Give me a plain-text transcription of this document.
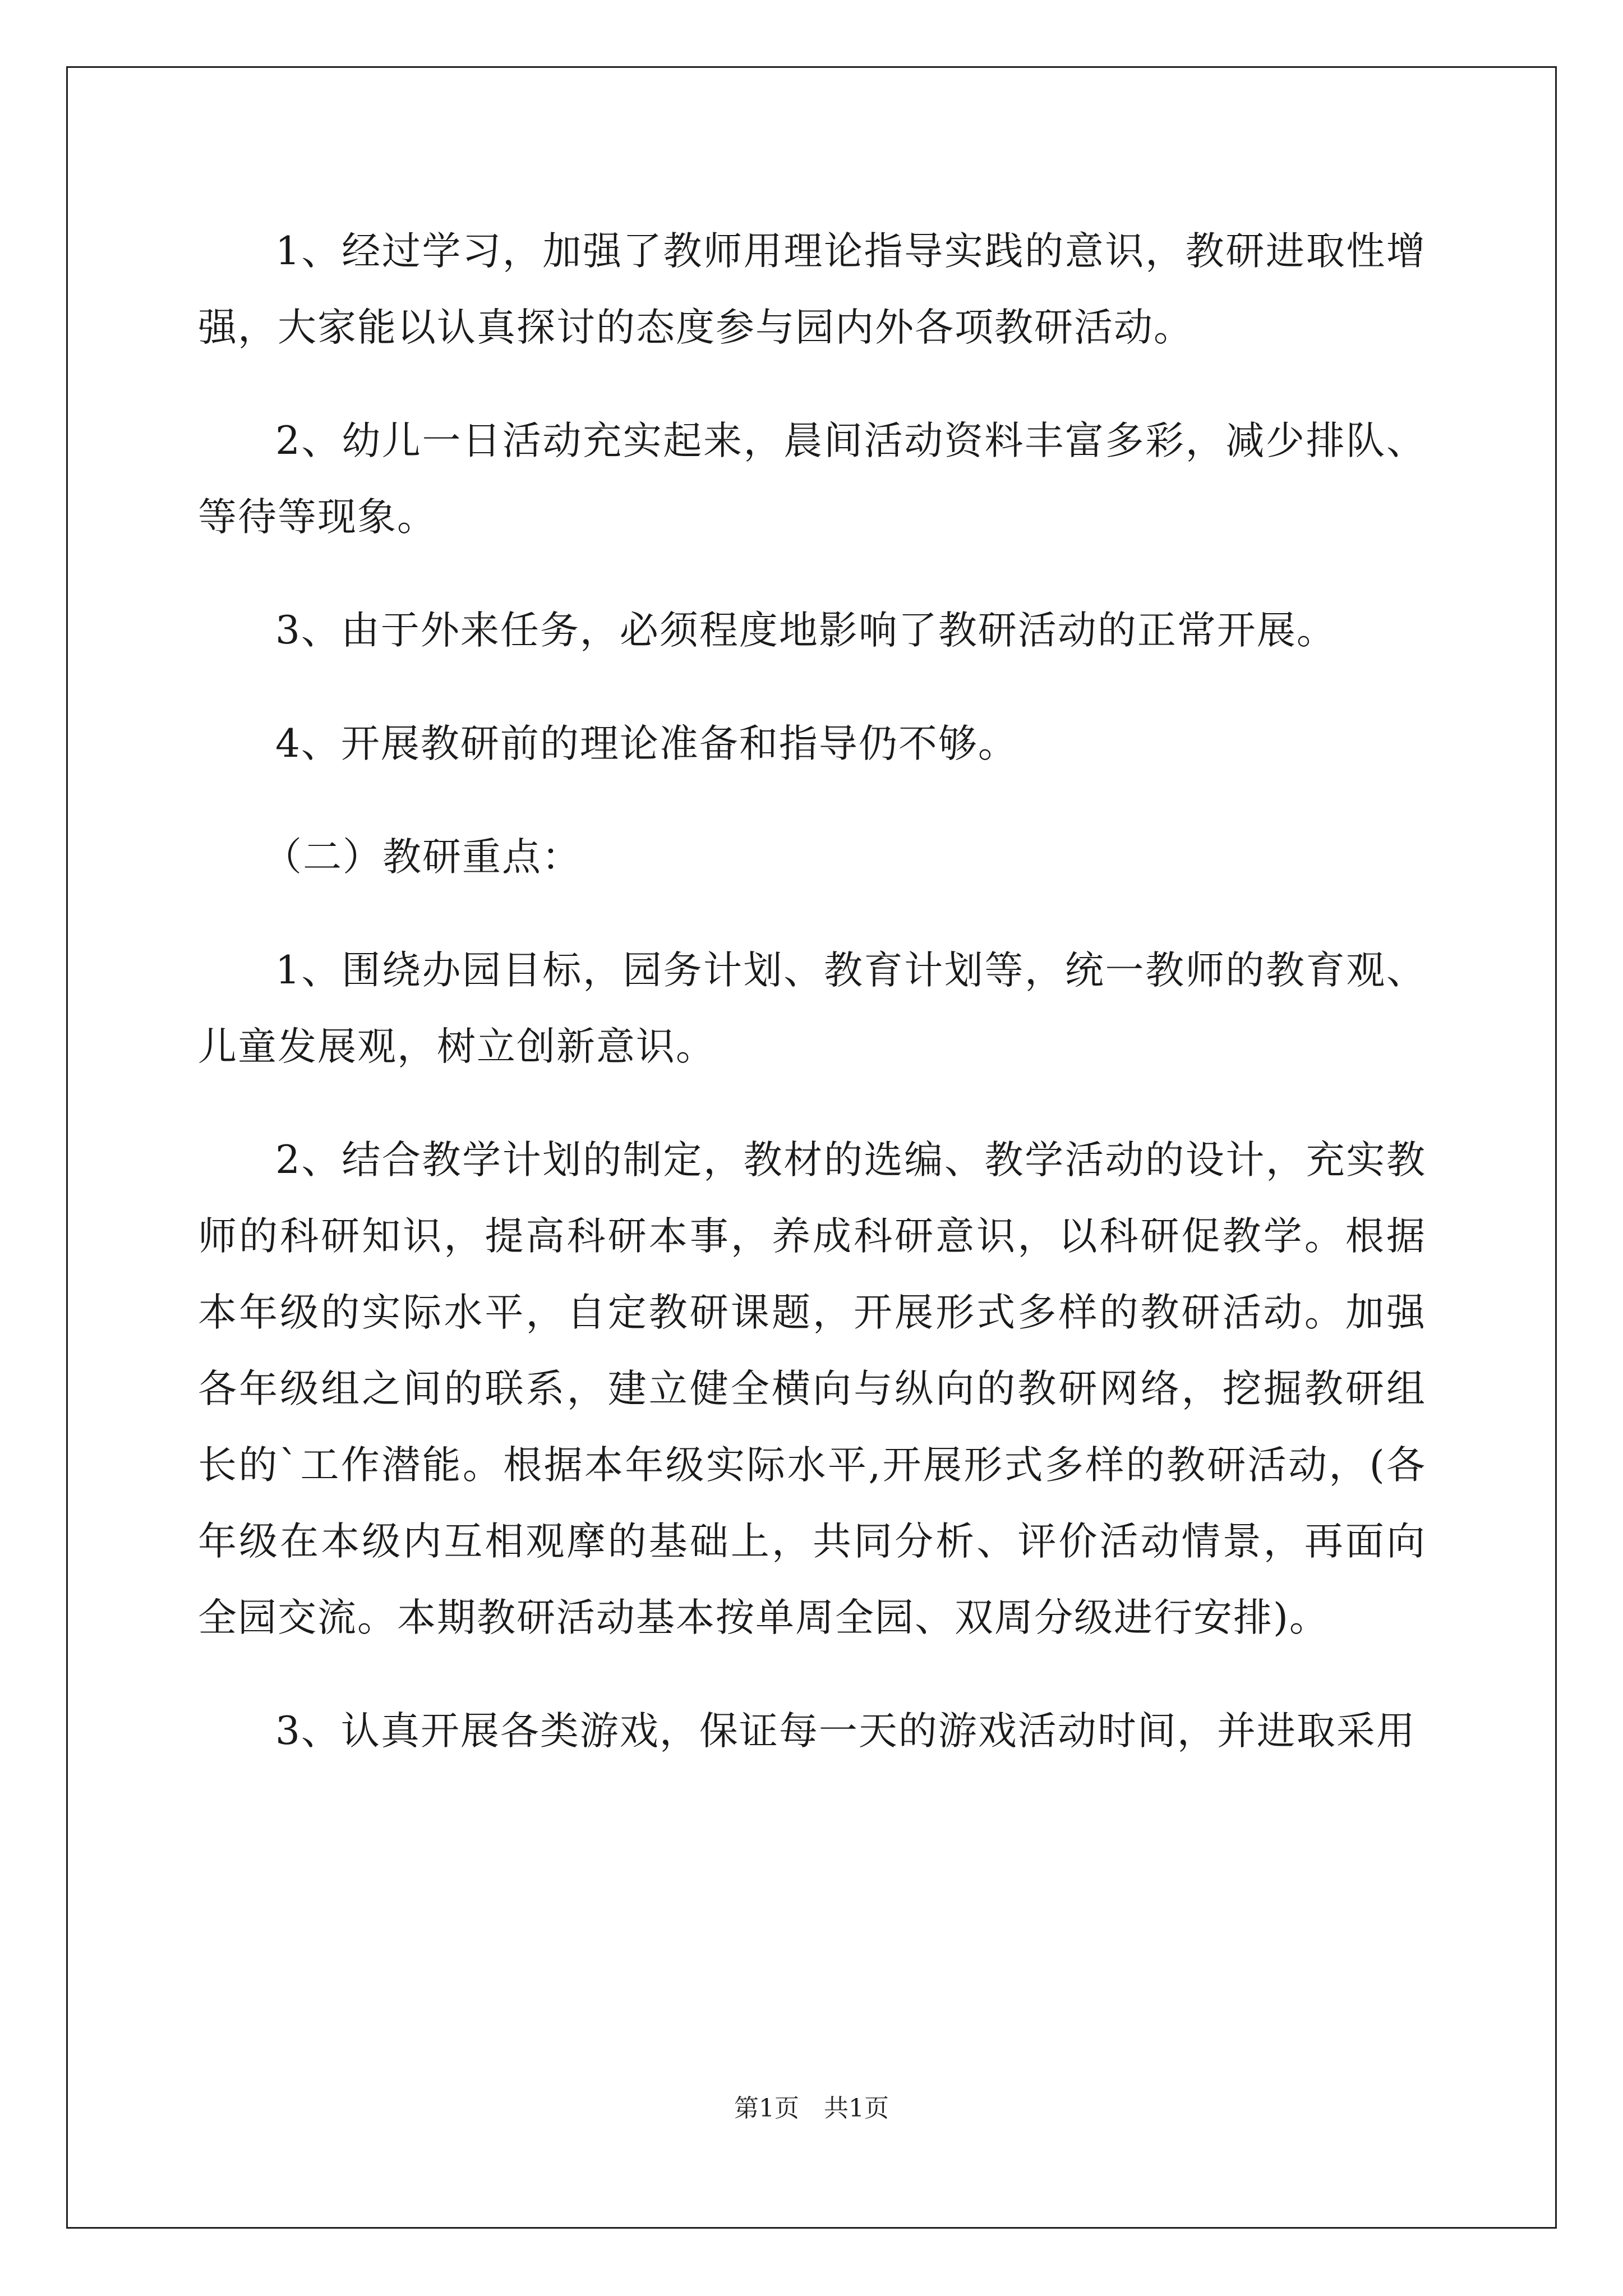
1、经过学习，加强了教师用理论指导实践的意识，教研进取性增强，大家能以认真探讨的态度参与园内外各项教研活动。

2、幼儿一日活动充实起来，晨间活动资料丰富多彩，减少排队、等待等现象。

3、由于外来任务，必须程度地影响了教研活动的正常开展。

4、开展教研前的理论准备和指导仍不够。

（二）教研重点：

1、围绕办园目标，园务计划、教育计划等，统一教师的教育观、儿童发展观，树立创新意识。

2、结合教学计划的制定，教材的选编、教学活动的设计，充实教师的科研知识，提高科研本事，养成科研意识，以科研促教学。根据本年级的实际水平，自定教研课题，开展形式多样的教研活动。加强各年级组之间的联系，建立健全横向与纵向的教研网络，挖掘教研组长的`工作潜能。根据本年级实际水平,开展形式多样的教研活动，(各年级在本级内互相观摩的基础上，共同分析、评价活动情景，再面向全园交流。本期教研活动基本按单周全园、双周分级进行安排)。

3、认真开展各类游戏，保证每一天的游戏活动时间，并进取采用

第1页 共1页
